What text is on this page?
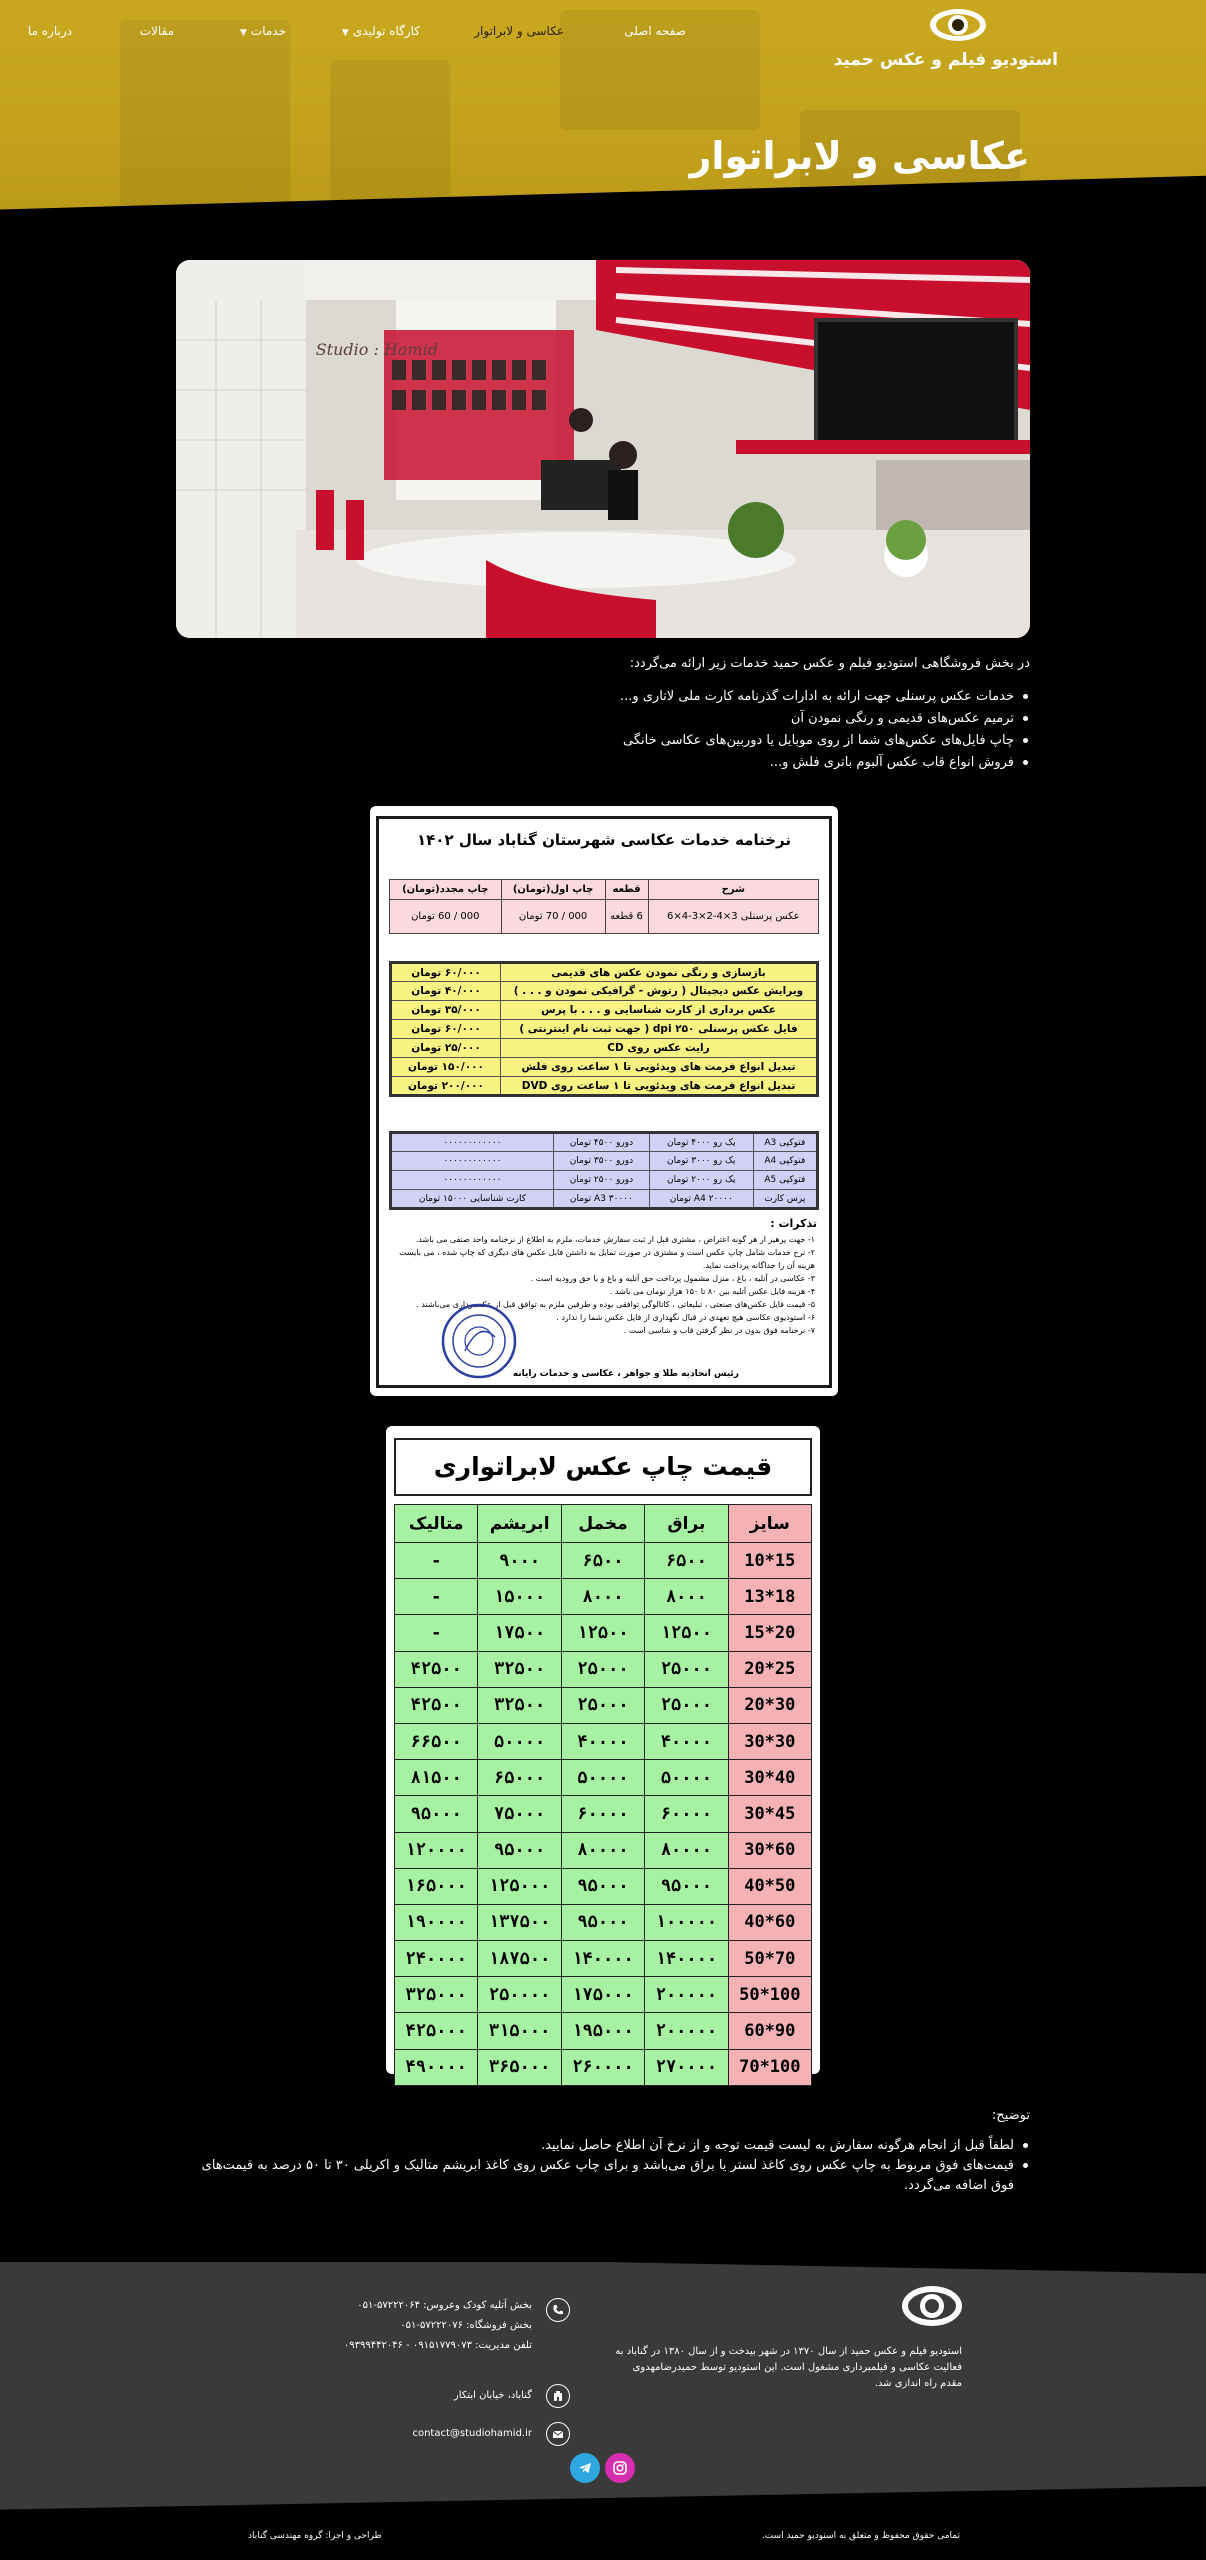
صفحه اصلی
عکاسی و لابراتوار
کارگاه تولیدی▼
خدمات▼
مقالات
درباره ما
استودیو فیلم و عکس حمید
عکاسی و لابراتوار
Studio : Hamid

در بخش فروشگاهی استودیو فیلم و عکس حمید خدمات زیر ارائه می‌گردد:

خدمات عکس پرسنلی جهت ارائه به ادارات گذرنامه کارت ملی لاتاری و...
ترمیم عکس‌های قدیمی و رنگی نمودن آن
چاپ فایل‌های عکس‌های شما از روی موبایل یا دوربین‌های عکاسی خانگی
فروش انواع قاب عکس آلبوم باتری فلش و...
نرخنامه خدمات عکاسی شهرستان گناباد سال ۱۴۰۲
شرح	قطعه	چاپ اول(تومان)	چاپ مجدد(تومان)
عکس پرسنلی 3×4-2×3-4×6	6 قطعه	000 / 70 تومان	000 / 60 تومان
بازسازی و رنگی نمودن عکس های قدیمی	۶۰/۰۰۰ تومان
ویرایش عکس دیجیتال ( رتوش - گرافیکی نمودن و . . . )	۴۰/۰۰۰ تومان
عکس برداری از کارت شناسایی و . . . با پرس	۳۵/۰۰۰ تومان
فایل عکس پرسنلی ۲۵۰ dpi ( جهت ثبت نام اینترنتی )	۶۰/۰۰۰ تومان
رایت عکس روی CD	۲۵/۰۰۰ تومان
تبدیل انواع فرمت های ویدئویی تا ۱ ساعت روی فلش	۱۵۰/۰۰۰ تومان
تبدیل انواع فرمت های ویدئویی تا ۱ ساعت روی DVD	۲۰۰/۰۰۰ تومان
فتوکپی A3	یک رو ۴۰۰۰ تومان	دورو ۴۵۰۰ تومان	۰۰۰۰۰۰۰۰۰۰۰۰
فتوکپی A4	یک رو ۳۰۰۰ تومان	دورو ۳۵۰۰ تومان	۰۰۰۰۰۰۰۰۰۰۰۰
فتوکپی A5	یک رو ۲۰۰۰ تومان	دورو ۲۵۰۰ تومان	۰۰۰۰۰۰۰۰۰۰۰۰
پرس کارت	A4 ۲۰۰۰۰ تومان	A3 ۳۰۰۰۰ تومان	کارت شناسایی ۱۵۰۰۰ تومان
تذکرات :
۱- جهت پرهیز از هر گونه اعتراض ، مشتری قبل از ثبت سفارش خدمات، ملزم به اطلاع از نرخنامه واحد صنفی می باشد.
۲- نرخ خدمات شامل چاپ عکس است و مشتری در صورت تمایل به داشتن فایل عکس های دیگری که چاپ شده ، می بایست هزینه آن را جداگانه پرداخت نماید.
۳- عکاسی در آتلیه ، باغ ، منزل مشمول پرداخت حق آتلیه و باغ و یا حق ورودیه است .
۴- هزینه فایل عکس آتلیه بین ۸۰ تا ۱۵۰ هزار تومان می باشد .
۵- قیمت فایل عکس‌های صنعتی ، تبلیغاتی ، کاتالوگی توافقی بوده و طرفین ملزم به توافق قبل از عکسبرداری می‌باشند .
۶- استودیوی عکاسی هیچ تعهدی در قبال نگهداری از فایل عکس شما را ندارد .
۷- نرخنامه فوق بدون در نظر گرفتن قاب و شاسی است .
رئیس اتحادیه طلا و جواهر ، عکاسی و خدمات رایانه
قیمت چاپ عکس لابراتواری
سایز	براق	مخمل	ابریشم	متالیک
10*15	۶۵۰۰	۶۵۰۰	۹۰۰۰	-
13*18	۸۰۰۰	۸۰۰۰	۱۵۰۰۰	-
15*20	۱۲۵۰۰	۱۲۵۰۰	۱۷۵۰۰	-
20*25	۲۵۰۰۰	۲۵۰۰۰	۳۲۵۰۰	۴۲۵۰۰
20*30	۲۵۰۰۰	۲۵۰۰۰	۳۲۵۰۰	۴۲۵۰۰
30*30	۴۰۰۰۰	۴۰۰۰۰	۵۰۰۰۰	۶۶۵۰۰
30*40	۵۰۰۰۰	۵۰۰۰۰	۶۵۰۰۰	۸۱۵۰۰
30*45	۶۰۰۰۰	۶۰۰۰۰	۷۵۰۰۰	۹۵۰۰۰
30*60	۸۰۰۰۰	۸۰۰۰۰	۹۵۰۰۰	۱۲۰۰۰۰
40*50	۹۵۰۰۰	۹۵۰۰۰	۱۲۵۰۰۰	۱۶۵۰۰۰
40*60	۱۰۰۰۰۰	۹۵۰۰۰	۱۳۷۵۰۰	۱۹۰۰۰۰
50*70	۱۴۰۰۰۰	۱۴۰۰۰۰	۱۸۷۵۰۰	۲۴۰۰۰۰
50*100	۲۰۰۰۰۰	۱۷۵۰۰۰	۲۵۰۰۰۰	۳۲۵۰۰۰
60*90	۲۰۰۰۰۰	۱۹۵۰۰۰	۳۱۵۰۰۰	۴۲۵۰۰۰
70*100	۲۷۰۰۰۰	۲۶۰۰۰۰	۳۶۵۰۰۰	۴۹۰۰۰۰
توضیح:
لطفاً قبل از انجام هرگونه سفارش به لیست قیمت توجه و از نرخ آن اطلاع حاصل نمایید.
قیمت‌های فوق مربوط به چاپ عکس روی کاغذ لستر یا براق می‌باشد و برای چاپ عکس روی کاغذ ابریشم متالیک و اکریلی ۳۰ تا ۵۰ درصد به قیمت‌های فوق اضافه می‌گردد.

استودیو فیلم و عکس حمید از سال ۱۳۷۰ در شهر بیدخت و از سال ۱۳۸۰ در گناباد به فعالیت عکاسی و فیلمبرداری مشغول است. این استودیو توسط حمیدرضامهدوی مقدم راه اندازی شد.

بخش آتلیه کودک وعروس: ۵۷۲۲۲۰۶۴-۰۵۱
بخش فروشگاه: ۵۷۲۲۲۰۷۶-۰۵۱
تلفن مدیریت: ۰۹۱۵۱۷۷۹۰۷۳ - ۰۹۳۹۹۴۴۲۰۴۶
گناباد، خیابان ابتکار
contact@studiohamid.ir
تمامی حقوق محفوظ و متعلق به استودیو حمید است.
طراحی و اجرا: گروه مهندسی گناباد
